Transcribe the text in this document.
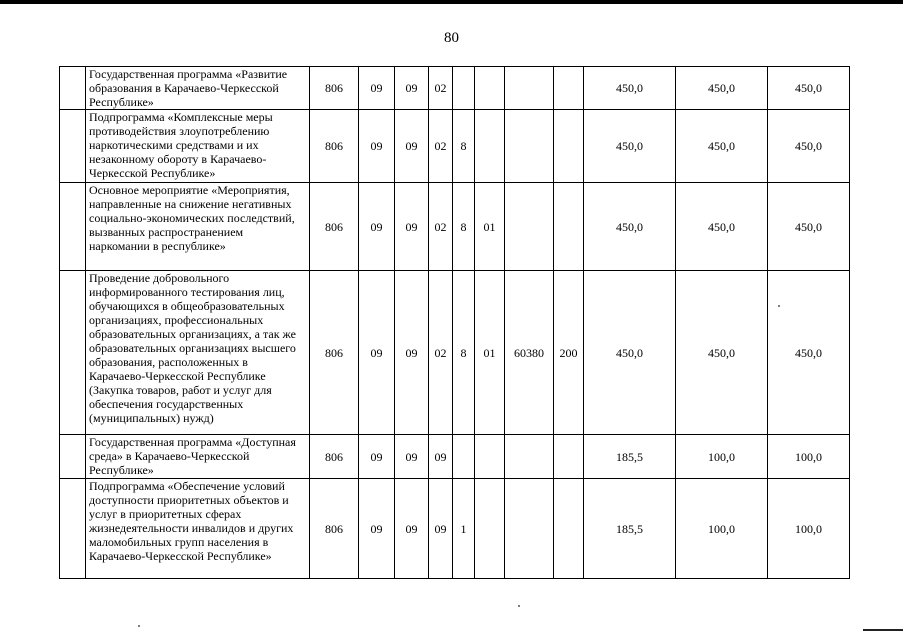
80
	Государственная программа «Развитие образования в Карачаево-Черкесской Республике»	806	09	09	02					450,0	450,0	450,0
	Подпрограмма «Комплексные меры противодействия злоупотреблению наркотическими средствами и их незаконному обороту в Карачаево-Черкесской Республике»	806	09	09	02	8				450,0	450,0	450,0
	Основное мероприятие «Мероприятия, направленные на снижение негативных социально-экономических последствий, вызванных распространением наркомании в республике»	806	09	09	02	8	01			450,0	450,0	450,0
	Проведение добровольного информированного тестирования лиц, обучающихся в общеобразовательных организациях, профессиональных образовательных организациях, а так же образовательных организациях высшего образования, расположенных в Карачаево-Черкесской Республике (Закупка товаров, работ и услуг для обеспечения государственных (муниципальных) нужд)	806	09	09	02	8	01	60380	200	450,0	450,0	450,0
	Государственная программа «Доступная среда» в Карачаево-Черкесской Республике»	806	09	09	09					185,5	100,0	100,0
	Подпрограмма «Обеспечение условий доступности приоритетных объектов и услуг в приоритетных сферах жизнедеятельности инвалидов и других маломобильных групп населения в Карачаево-Черкесской Республике»	806	09	09	09	1				185,5	100,0	100,0
